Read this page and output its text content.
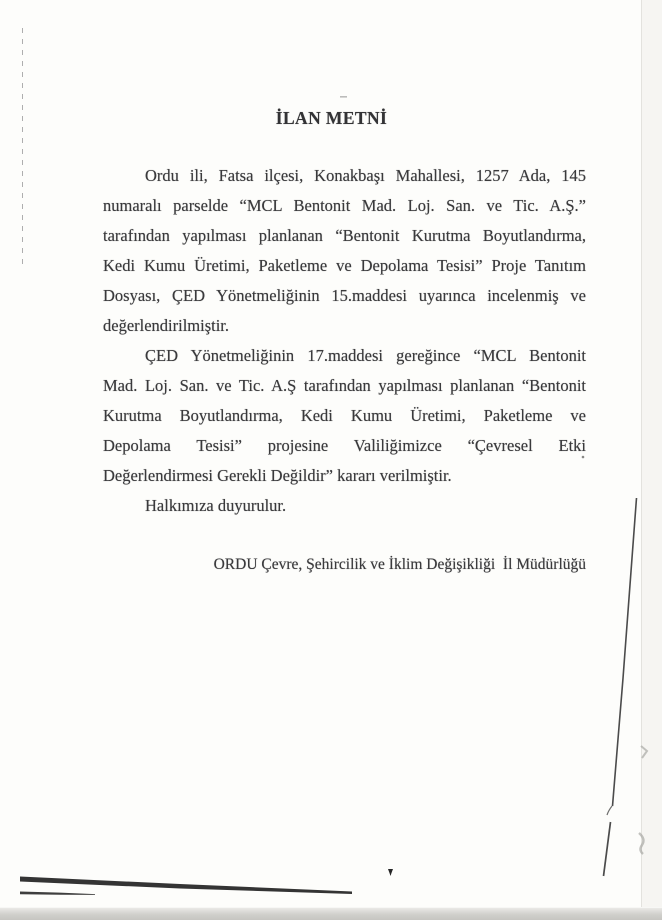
İLAN METNİ
Ordu ili, Fatsa ilçesi, Konakbaşı Mahallesi, 1257 Ada, 145
numaralı parselde “MCL Bentonit Mad. Loj. San. ve Tic. A.Ş.”
tarafından yapılması planlanan “Bentonit Kurutma Boyutlandırma,
Kedi Kumu Üretimi, Paketleme ve Depolama Tesisi” Proje Tanıtım
Dosyası, ÇED Yönetmeliğinin 15.maddesi uyarınca incelenmiş ve
değerlendirilmiştir.
ÇED Yönetmeliğinin 17.maddesi gereğince “MCL Bentonit
Mad. Loj. San. ve Tic. A.Ş tarafından yapılması planlanan “Bentonit
Kurutma Boyutlandırma, Kedi Kumu Üretimi, Paketleme ve
Depolama Tesisi” projesine Valiliğimizce “Çevresel Etki
Değerlendirmesi Gerekli Değildir” kararı verilmiştir.
Halkımıza duyurulur.
ORDU Çevre, Şehircilik ve İklim Değişikliği  İl Müdürlüğü
